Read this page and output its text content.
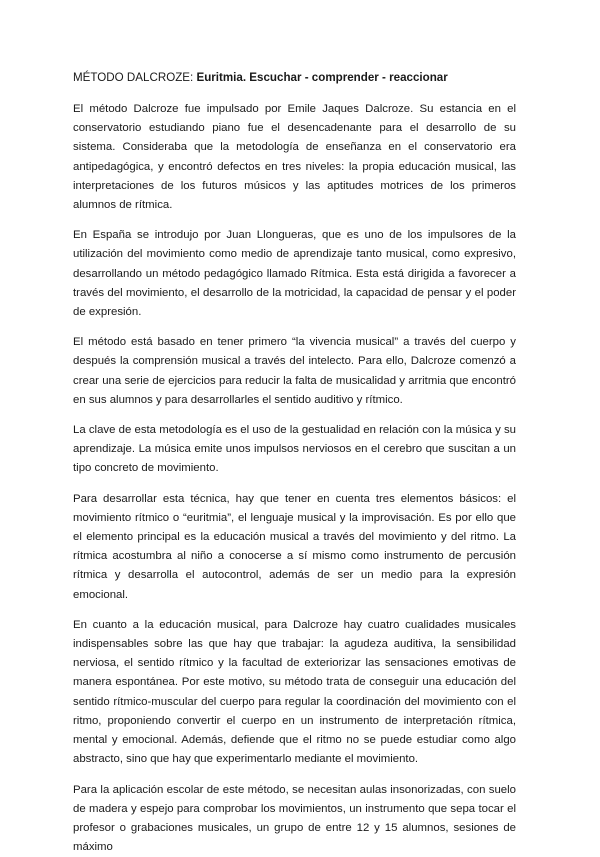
MÉTODO DALCROZE: Euritmia. Escuchar - comprender - reaccionar

El método Dalcroze fue impulsado por Emile Jaques Dalcroze. Su estancia en el conservatorio estudiando piano fue el desencadenante para el desarrollo de su sistema. Consideraba que la metodología de enseñanza en el conservatorio era antipedagógica, y encontró defectos en tres niveles: la propia educación musical, las interpretaciones de los futuros músicos y las aptitudes motrices de los primeros alumnos de rítmica.

En España se introdujo por Juan Llongueras, que es uno de los impulsores de la utilización del movimiento como medio de aprendizaje tanto musical, como expresivo, desarrollando un método pedagógico llamado Rítmica. Esta está dirigida a favorecer a través del movimiento, el desarrollo de la motricidad, la capacidad de pensar y el poder de expresión.

El método está basado en tener primero “la vivencia musical” a través del cuerpo y después la comprensión musical a través del intelecto. Para ello, Dalcroze comenzó a crear una serie de ejercicios para reducir la falta de musicalidad y arritmia que encontró en sus alumnos y para desarrollarles el sentido auditivo y rítmico.

La clave de esta metodología es el uso de la gestualidad en relación con la música y su aprendizaje. La música emite unos impulsos nerviosos en el cerebro que suscitan a un tipo concreto de movimiento.

Para desarrollar esta técnica, hay que tener en cuenta tres elementos básicos: el movimiento rítmico o “euritmia”, el lenguaje musical y la improvisación. Es por ello que el elemento principal es la educación musical a través del movimiento y del ritmo. La rítmica acostumbra al niño a conocerse a sí mismo como instrumento de percusión rítmica y desarrolla el autocontrol, además de ser un medio para la expresión emocional.

En cuanto a la educación musical, para Dalcroze hay cuatro cualidades musicales indispensables sobre las que hay que trabajar: la agudeza auditiva, la sensibilidad nerviosa, el sentido rítmico y la facultad de exteriorizar las sensaciones emotivas de manera espontánea. Por este motivo, su método trata de conseguir una educación del sentido rítmico-muscular del cuerpo para regular la coordinación del movimiento con el ritmo, proponiendo convertir el cuerpo en un instrumento de interpretación rítmica, mental y emocional. Además, defiende que el ritmo no se puede estudiar como algo abstracto, sino que hay que experimentarlo mediante el movimiento.

Para la aplicación escolar de este método, se necesitan aulas insonorizadas, con suelo de madera y espejo para comprobar los movimientos, un instrumento que sepa tocar el profesor o grabaciones musicales, un grupo de entre 12 y 15 alumnos, sesiones de máximo
